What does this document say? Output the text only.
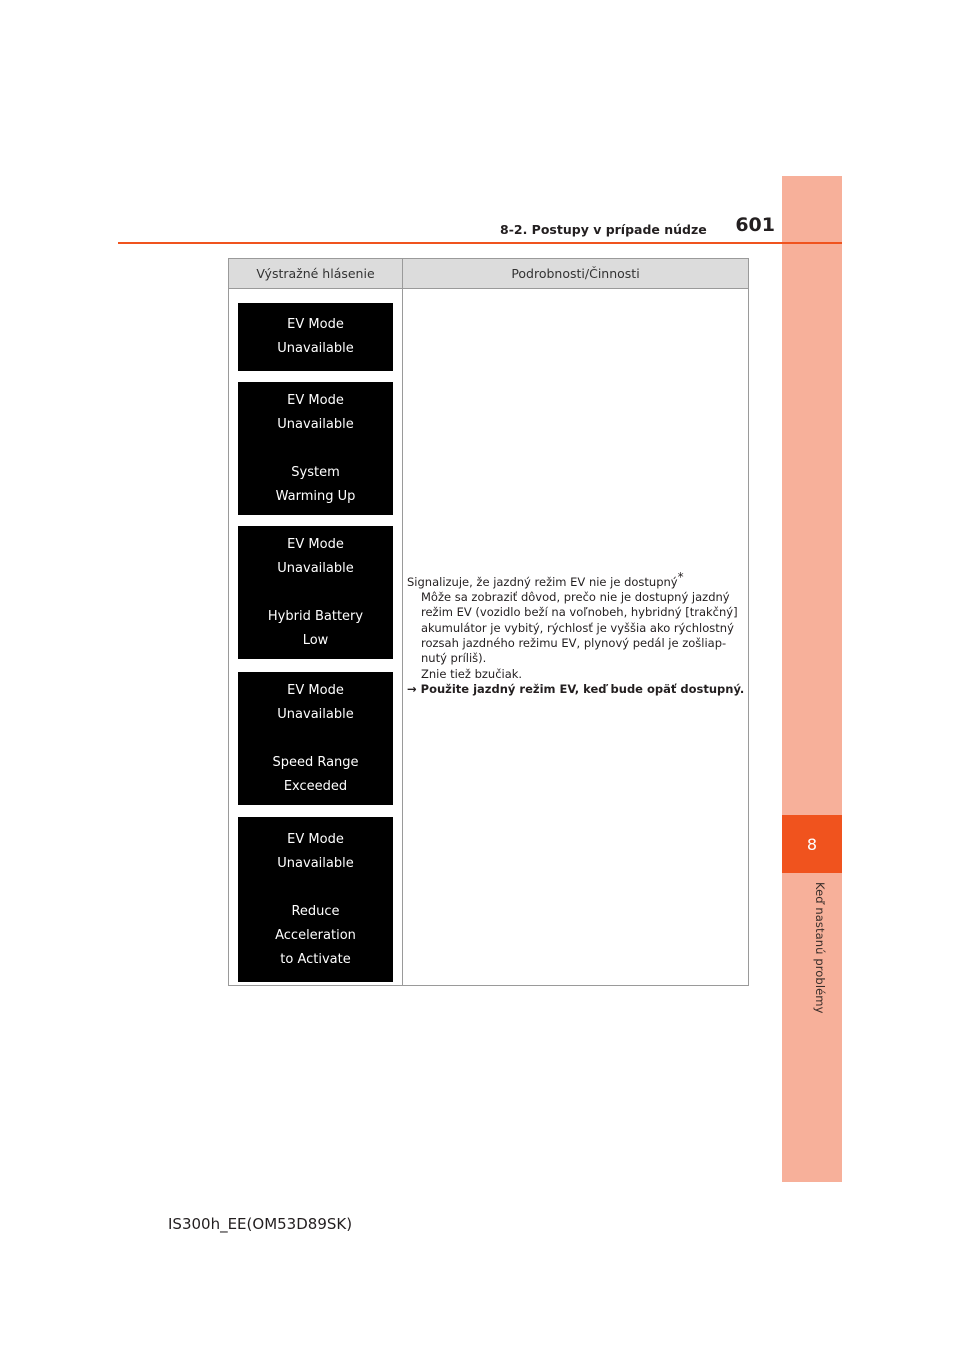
8
Keď nastanú problémy
8-2. Postupy v prípade núdze 601
Výstražné hlásenie	Podrobnosti/Činnosti
EV Mode
Unavailable
EV Mode
Unavailable
System
Warming Up
EV Mode
Unavailable
Hybrid Battery
Low
EV Mode
Unavailable
Speed Range
Exceeded
EV Mode
Unavailable
Reduce
Acceleration
to Activate
Signalizuje, že jazdný režim EV nie je dostupný*
Môže sa zobraziť dôvod, prečo nie je dostupný jazdný režim EV (vozidlo beží na voľnobeh, hybridný [trakčný] akumulátor je vybitý, rýchlosť je vyššia ako rýchlostný rozsah jazdného režimu EV, plynový pedál je zošliap-nutý príliš).
Znie tiež bzučiak.
→ Použite jazdný režim EV, keď bude opäť dostupný.
IS300h_EE(OM53D89SK)
